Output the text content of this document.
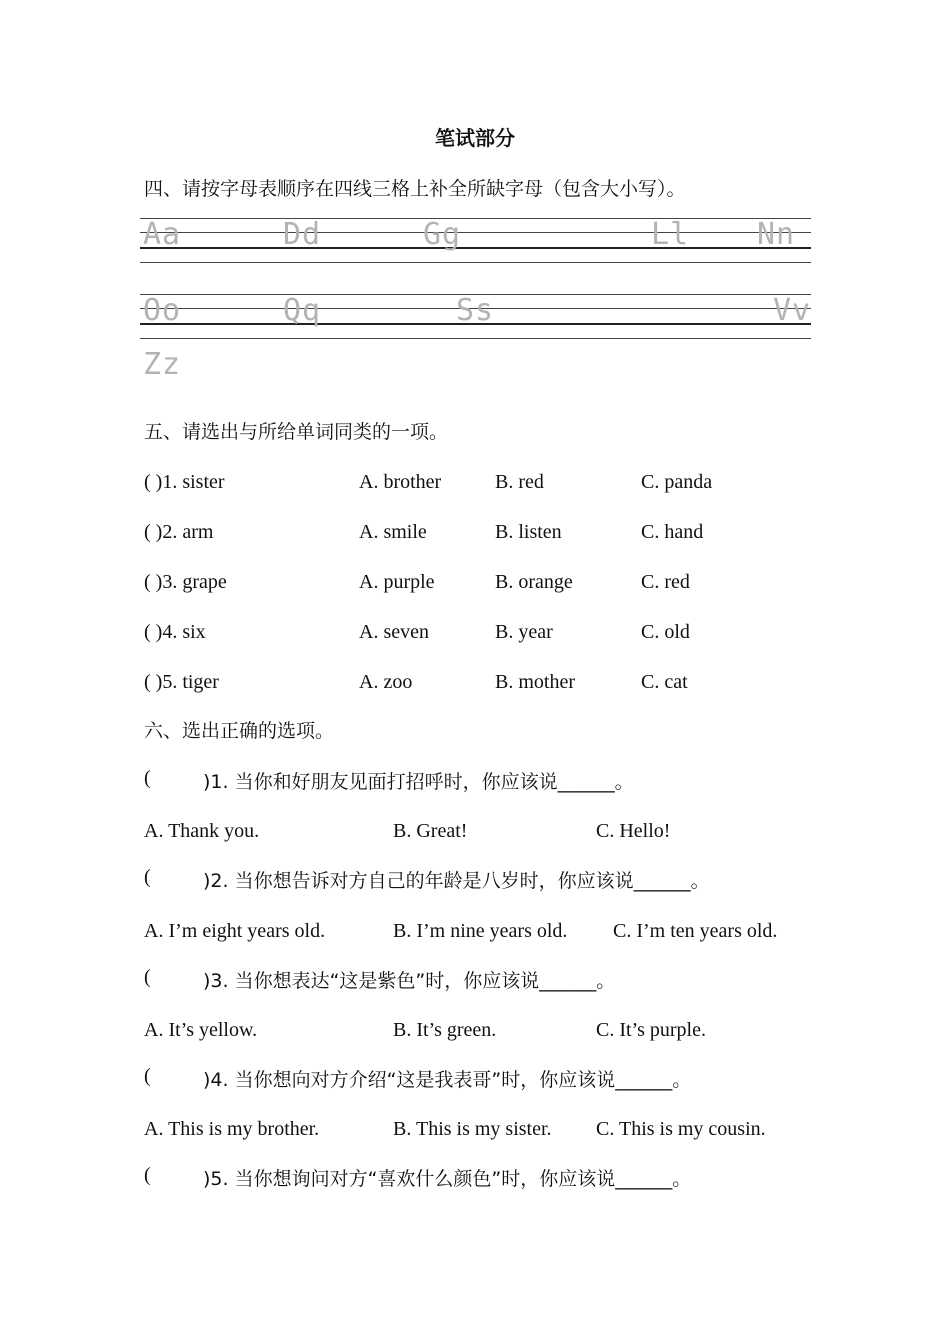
笔试部分
四、请按字母表顺序在四线三格上补全所缺字母（包含大小写）。
Aa	Dd	Gg	Ll Nn
Oo	Qq	Ss	Vv
Zz
五、请选出与所给单词同类的一项。
( )1. sister	A. brother	B. red	C. panda
( )2. arm	A. smile	B. listen	C. hand
( )3. grape	A. purple	B. orange	C. red
( )4. six	A. seven	B. year	C. old
( )5. tiger	A. zoo	B. mother	C. cat
六、选出正确的选项。
(	)1. 当你和好朋友见面打招呼时，你应该说______。
A. Thank you.	B. Great!	C. Hello!
(	)2. 当你想告诉对方自己的年龄是八岁时，你应该说______。
A. I’m eight years old.	B. I’m nine years old. C. I’m ten years old.
(	)3. 当你想表达“这是紫色”时，你应该说______。
A. It’s yellow.	B. It’s green.	C. It’s purple.
(	)4. 当你想向对方介绍“这是我表哥”时，你应该说______。
A. This is my brother.	B. This is my sister. C. This is my cousin.
(	)5. 当你想询问对方“喜欢什么颜色”时，你应该说______。
